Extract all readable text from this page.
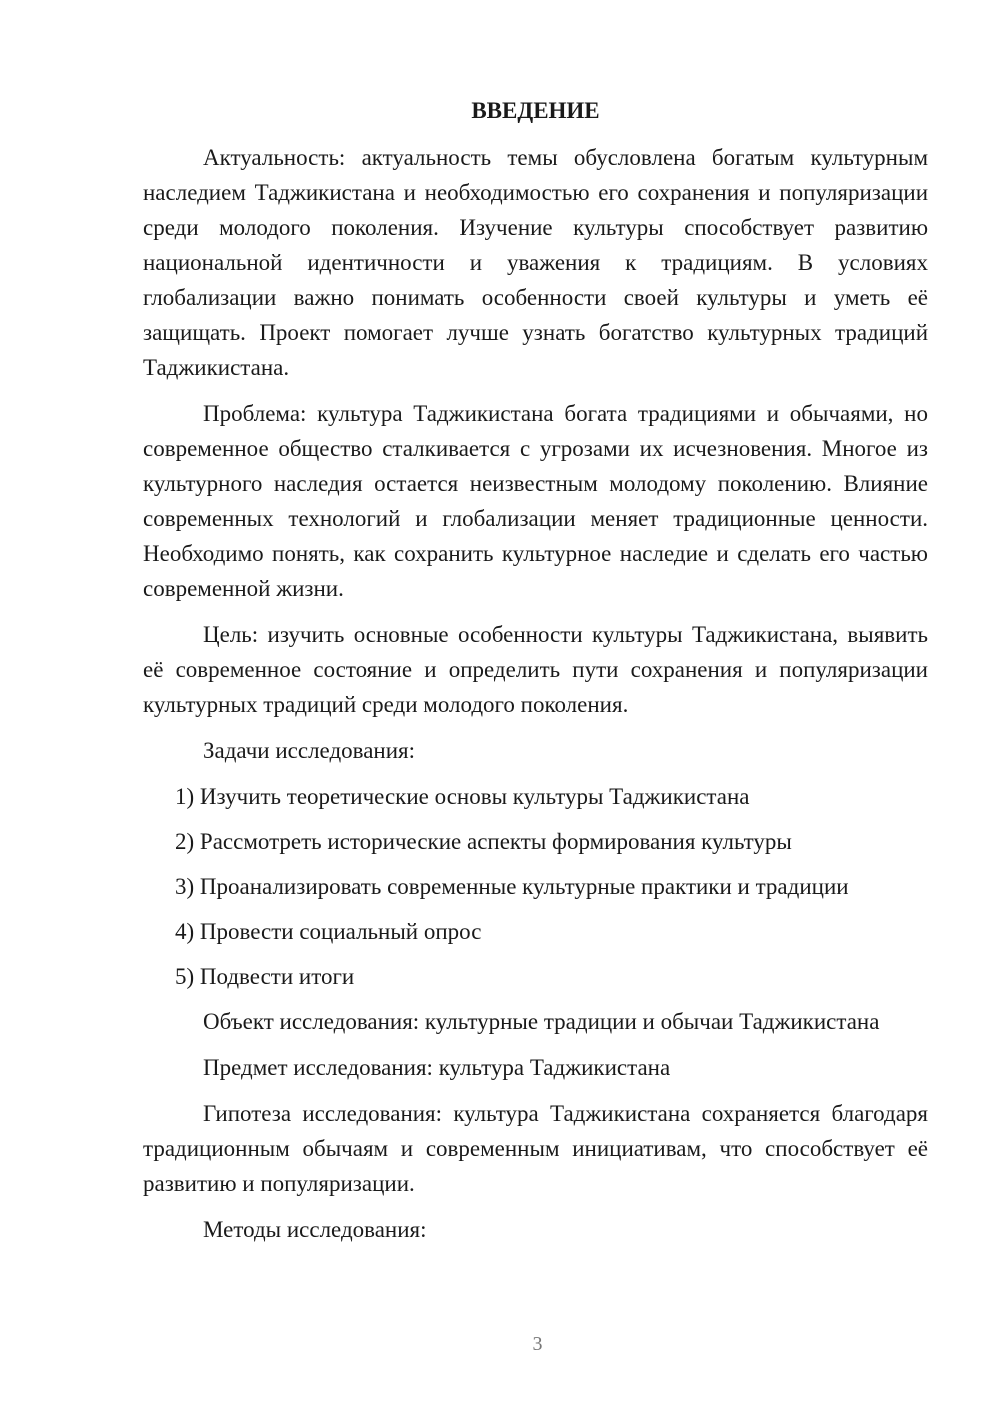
ВВЕДЕНИЕ

Актуальность: актуальность темы обусловлена богатым культурным наследием Таджикистана и необходимостью его сохранения и популяризации среди молодого поколения. Изучение культуры способствует развитию национальной идентичности и уважения к традициям. В условиях глобализации важно понимать особенности своей культуры и уметь её защищать. Проект помогает лучше узнать богатство культурных традиций Таджикистана.

Проблема: культура Таджикистана богата традициями и обычаями, но современное общество сталкивается с угрозами их исчезновения. Многое из культурного наследия остается неизвестным молодому поколению. Влияние современных технологий и глобализации меняет традиционные ценности. Необходимо понять, как сохранить культурное наследие и сделать его частью современной жизни.

Цель: изучить основные особенности культуры Таджикистана, выявить её современное состояние и определить пути сохранения и популяризации культурных традиций среди молодого поколения.

Задачи исследования:

1) Изучить теоретические основы культуры Таджикистана
2) Рассмотреть исторические аспекты формирования культуры
3) Проанализировать современные культурные практики и традиции
4) Провести социальный опрос
5) Подвести итоги

Объект исследования: культурные традиции и обычаи Таджикистана

Предмет исследования: культура Таджикистана

Гипотеза исследования: культура Таджикистана сохраняется благодаря традиционным обычаям и современным инициативам, что способствует её развитию и популяризации.

Методы исследования:

3
